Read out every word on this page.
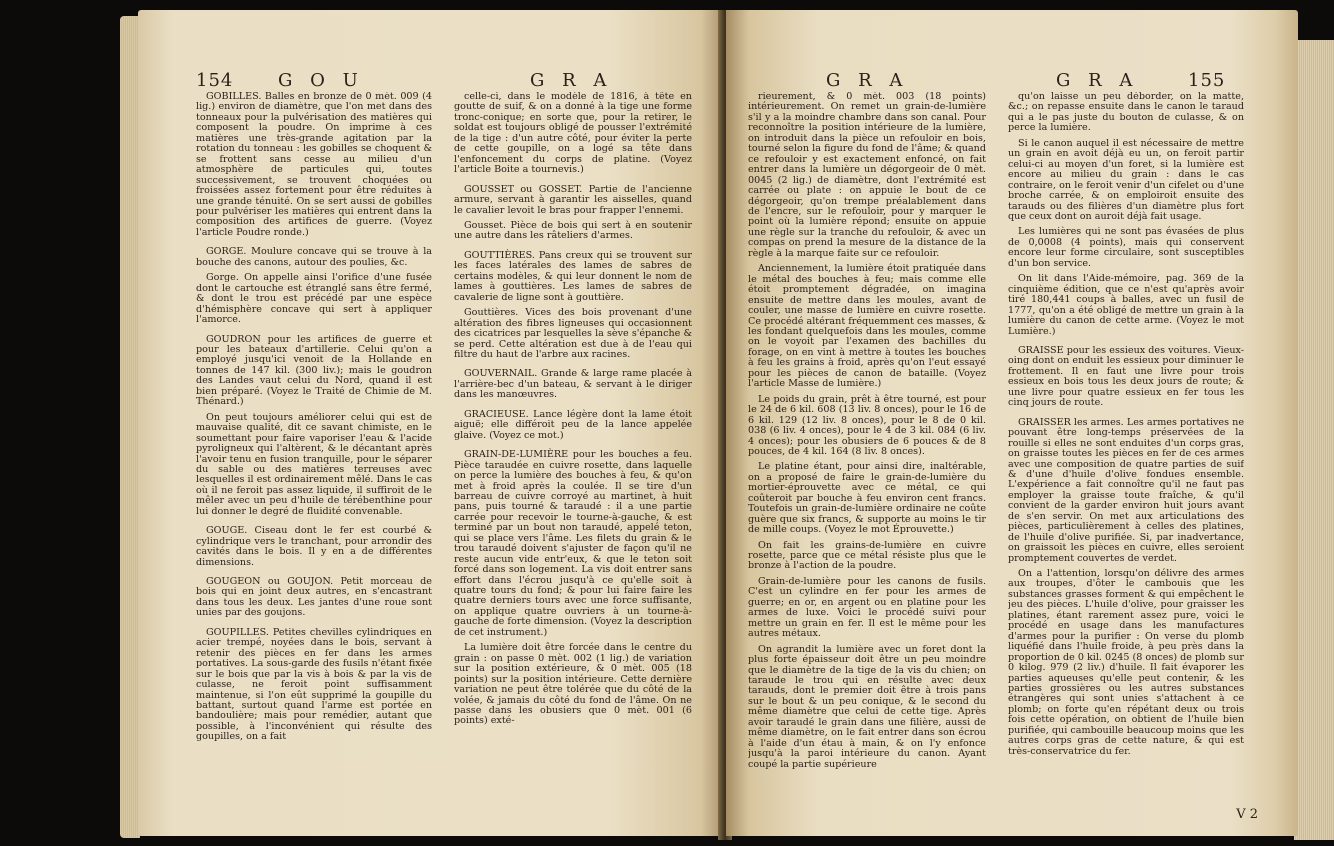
154 G O U	G R A

GOBILLES. Balles en bronze de 0 mèt. 009 (4 lig.) environ de diamètre, que l'on met dans des tonneaux pour la pulvérisation des matières qui composent la poudre. On imprime à ces matières une très-grande agitation par la rotation du tonneau : les gobilles se choquent & se frottent sans cesse au milieu d'un atmosphère de particules qui, toutes successivement, se trouvent choquées ou froissées assez fortement pour être réduites à une grande ténuité. On se sert aussi de gobilles pour pulvériser les matières qui entrent dans la composition des artifices de guerre. (Voyez l'article Poudre ronde.)

GORGE. Moulure concave qui se trouve à la bouche des canons, autour des poulies, &c.

Gorge. On appelle ainsi l'orifice d'une fusée dont le cartouche est étranglé sans être fermé, & dont le trou est précédé par une espèce d'hémisphère concave qui sert à appliquer l'amorce.

GOUDRON pour les artifices de guerre et pour les bateaux d'artillerie. Celui qu'on a employé jusqu'ici venoit de la Hollande en tonnes de 147 kil. (300 liv.); mais le goudron des Landes vaut celui du Nord, quand il est bien préparé. (Voyez le Traité de Chimie de M. Thénard.)

On peut toujours améliorer celui qui est de mauvaise qualité, dit ce savant chimiste, en le soumettant pour faire vaporiser l'eau & l'acide pyroligneux qui l'altèrent, & le décantant après l'avoir tenu en fusion tranquille, pour le séparer du sable ou des matières terreuses avec lesquelles il est ordinairement mêlé. Dans le cas où il ne feroit pas assez liquide, il suffiroit de le mêler avec un peu d'huile de térébenthine pour lui donner le degré de fluidité convenable.

GOUGE. Ciseau dont le fer est courbé & cylindrique vers le tranchant, pour arrondir des cavités dans le bois. Il y en a de différentes dimensions.

GOUGEON ou GOUJON. Petit morceau de bois qui en joint deux autres, en s'encastrant dans tous les deux. Les jantes d'une roue sont unies par des goujons.

GOUPILLES. Petites chevilles cylindriques en acier trempé, noyées dans le bois, servant à retenir des pièces en fer dans les armes portatives. La sous-garde des fusils n'étant fixée sur le bois que par la vis à bois & par la vis de culasse, ne feroit point suffisamment maintenue, si l'on eût supprimé la goupille du battant, surtout quand l'arme est portée en bandoulière; mais pour remédier, autant que possible, à l'inconvénient qui résulte des goupilles, on a fait

celle-ci, dans le modèle de 1816, à tête en goutte de suif, & on a donné à la tige une forme tronc-conique; en sorte que, pour la retirer, le soldat est toujours obligé de pousser l'extrémité de la tige : d'un autre côté, pour éviter la perte de cette goupille, on a logé sa tête dans l'enfoncement du corps de platine. (Voyez l'article Boite a tournevis.)

GOUSSET ou GOSSET. Partie de l'ancienne armure, servant à garantir les aisselles, quand le cavalier levoit le bras pour frapper l'ennemi.

Gousset. Pièce de bois qui sert à en soutenir une autre dans les râteliers d'armes.

GOUTTIÈRES. Pans creux qui se trouvent sur les faces latérales des lames de sabres de certains modèles, & qui leur donnent le nom de lames à gouttières. Les lames de sabres de cavalerie de ligne sont à gouttière.

Gouttières. Vices des bois provenant d'une altération des fibres ligneuses qui occasionnent des cicatrices par lesquelles la sève s'épanche & se perd. Cette altération est due à de l'eau qui filtre du haut de l'arbre aux racines.

GOUVERNAIL. Grande & large rame placée à l'arrière-bec d'un bateau, & servant à le diriger dans les manœuvres.

GRACIEUSE. Lance légère dont la lame étoit aiguë; elle différoit peu de la lance appelée glaive. (Voyez ce mot.)

GRAIN-DE-LUMIÈRE pour les bouches a feu. Pièce taraudée en cuivre rosette, dans laquelle on perce la lumière des bouches à feu, & qu'on met à froid après la coulée. Il se tire d'un barreau de cuivre corroyé au martinet, à huit pans, puis tourné & taraudé : il a une partie carrée pour recevoir le tourne-à-gauche, & est terminé par un bout non taraudé, appelé teton, qui se place vers l'âme. Les filets du grain & le trou taraudé doivent s'ajuster de façon qu'il ne reste aucun vide entr'eux, & que le teton soit forcé dans son logement. La vis doit entrer sans effort dans l'écrou jusqu'à ce qu'elle soit à quatre tours du fond; & pour lui faire faire les quatre derniers tours avec une force suffisante, on applique quatre ouvriers à un tourne-à-gauche de forte dimension. (Voyez la description de cet instrument.)

La lumière doit être forcée dans le centre du grain : on passe 0 mèt. 002 (1 lig.) de variation sur la position extérieure, & 0 mèt. 005 (18 points) sur la position intérieure. Cette dernière variation ne peut être tolérée que du côté de la volée, & jamais du côté du fond de l'âme. On ne passe dans les obusiers que 0 mèt. 001 (6 points) exté-

G R A	G R A	155

rieurement, & 0 mèt. 003 (18 points) intérieurement. On remet un grain-de-lumière s'il y a la moindre chambre dans son canal. Pour reconnoître la position intérieure de la lumière, on introduit dans la pièce un refouloir en bois, tourné selon la figure du fond de l'âme; & quand ce refouloir y est exactement enfoncé, on fait entrer dans la lumière un dégorgeoir de 0 mèt. 0045 (2 lig.) de diamètre, dont l'extrémité est carrée ou plate : on appuie le bout de ce dégorgeoir, qu'on trempe préalablement dans de l'encre, sur le refouloir, pour y marquer le point où la lumière répond; ensuite on appuie une règle sur la tranche du refouloir, & avec un compas on prend la mesure de la distance de la règle à la marque faite sur ce refouloir.

Anciennement, la lumière étoit pratiquée dans le métal des bouches à feu; mais comme elle étoit promptement dégradée, on imagina ensuite de mettre dans les moules, avant de couler, une masse de lumière en cuivre rosette. Ce procédé altérant fréquemment ces masses, & les fondant quelquefois dans les moules, comme on le voyoit par l'examen des bachilles du forage, on en vint à mettre à toutes les bouches à feu les grains à froid, après qu'on l'eut essayé pour les pièces de canon de bataille. (Voyez l'article Masse de lumière.)

Le poids du grain, prêt à être tourné, est pour le 24 de 6 kil. 608 (13 liv. 8 onces), pour le 16 de 6 kil. 129 (12 liv. 8 onces), pour le 8 de 0 kil. 038 (6 liv. 4 onces), pour le 4 de 3 kil. 084 (6 liv. 4 onces); pour les obusiers de 6 pouces & de 8 pouces, de 4 kil. 164 (8 liv. 8 onces).

Le platine étant, pour ainsi dire, inaltérable, on a proposé de faire le grain-de-lumière du mortier-éprouvette avec ce métal, ce qui coûteroit par bouche à feu environ cent francs. Toutefois un grain-de-lumière ordinaire ne coûte guère que six francs, & supporte au moins le tir de mille coups. (Voyez le mot Éprouvette.)

On fait les grains-de-lumière en cuivre rosette, parce que ce métal résiste plus que le bronze à l'action de la poudre.

Grain-de-lumière pour les canons de fusils. C'est un cylindre en fer pour les armes de guerre; en or, en argent ou en platine pour les armes de luxe. Voici le procédé suivi pour mettre un grain en fer. Il est le même pour les autres métaux.

On agrandit la lumière avec un foret dont la plus forte épaisseur doit être un peu moindre que le diamètre de la tige de la vis du chien; on taraude le trou qui en résulte avec deux tarauds, dont le premier doit être à trois pans sur le bout & un peu conique, & le second du même diamètre que celui de cette tige. Après avoir taraudé le grain dans une filière, aussi de même diamètre, on le fait entrer dans son écrou à l'aide d'un étau à main, & on l'y enfonce jusqu'à la paroi intérieure du canon. Ayant coupé la partie supérieure

qu'on laisse un peu déborder, on la matte, &c.; on repasse ensuite dans le canon le taraud qui a le pas juste du bouton de culasse, & on perce la lumière.

Si le canon auquel il est nécessaire de mettre un grain en avoit déjà eu un, on feroit partir celui-ci au moyen d'un foret, si la lumière est encore au milieu du grain : dans le cas contraire, on le feroit venir d'un cifelet ou d'une broche carrée, & on emploiroit ensuite des tarauds ou des filières d'un diamètre plus fort que ceux dont on auroit déjà fait usage.

Les lumières qui ne sont pas évasées de plus de 0,0008 (4 points), mais qui conservent encore leur forme circulaire, sont susceptibles d'un bon service.

On lit dans l'Aide-mémoire, pag. 369 de la cinquième édition, que ce n'est qu'après avoir tiré 180,441 coups à balles, avec un fusil de 1777, qu'on a été obligé de mettre un grain à la lumière du canon de cette arme. (Voyez le mot Lumière.)

GRAISSE pour les essieux des voitures. Vieux-oing dont on enduit les essieux pour diminuer le frottement. Il en faut une livre pour trois essieux en bois tous les deux jours de route; & une livre pour quatre essieux en fer tous les cinq jours de route.

GRAISSER les armes. Les armes portatives ne pouvant être long-temps préservées de la rouille si elles ne sont enduites d'un corps gras, on graisse toutes les pièces en fer de ces armes avec une composition de quatre parties de suif & d'une d'huile d'olive fondues ensemble. L'expérience a fait connoître qu'il ne faut pas employer la graisse toute fraîche, & qu'il convient de la garder environ huit jours avant de s'en servir. On met aux articulations des pièces, particulièrement à celles des platines, de l'huile d'olive purifiée. Si, par inadvertance, on graissoit les pièces en cuivre, elles seroient promptement couvertes de verdet.

On a l'attention, lorsqu'on délivre des armes aux troupes, d'ôter le cambouis que les substances grasses forment & qui empêchent le jeu des pièces. L'huile d'olive, pour graisser les platines, étant rarement assez pure, voici le procédé en usage dans les manufactures d'armes pour la purifier : On verse du plomb liquéfié dans l'huile froide, à peu près dans la proportion de 0 kil. 0245 (8 onces) de plomb sur 0 kilog. 979 (2 liv.) d'huile. Il fait évaporer les parties aqueuses qu'elle peut contenir, & les parties grossières ou les autres substances étrangères qui sont unies s'attachent à ce plomb; on forte qu'en répétant deux ou trois fois cette opération, on obtient de l'huile bien purifiée, qui cambouille beaucoup moins que les autres corps gras de cette nature, & qui est très-conservatrice du fer.

V 2
